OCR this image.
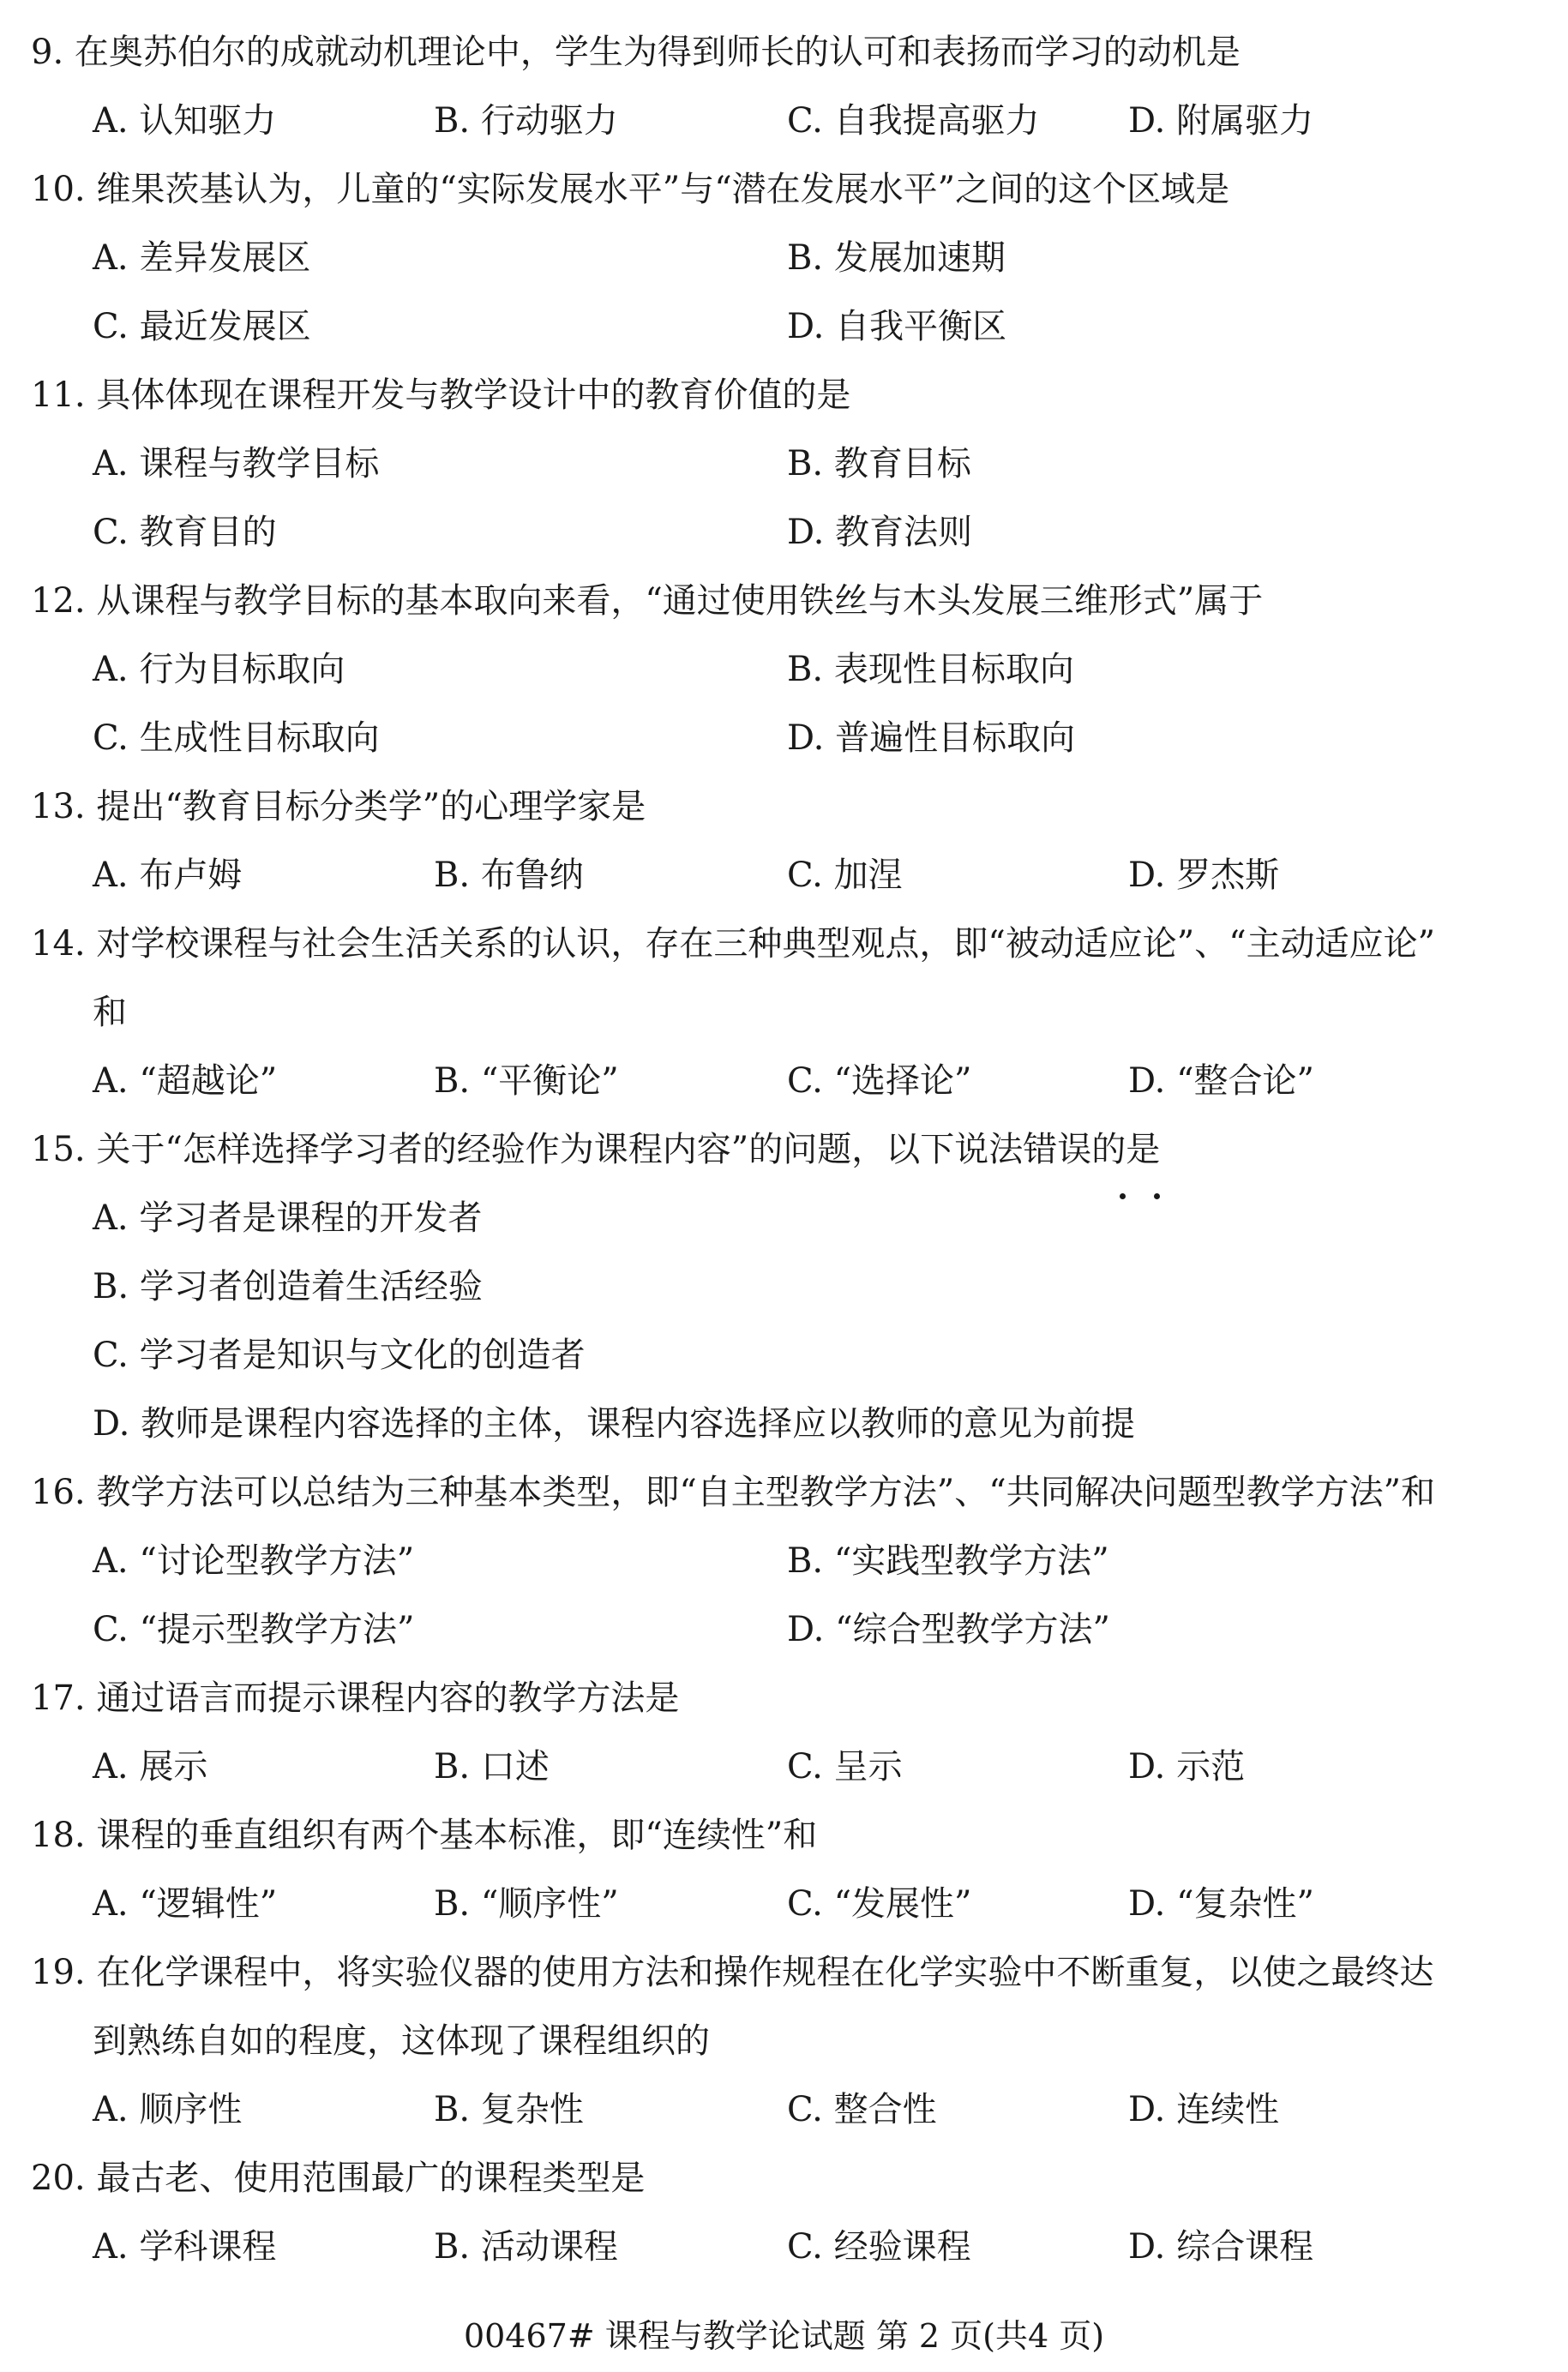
9. 在奥苏伯尔的成就动机理论中，学生为得到师长的认可和表扬而学习的动机是
A. 认知驱力	B. 行动驱力	C. 自我提高驱力	D. 附属驱力
10. 维果茨基认为，儿童的“实际发展水平”与“潜在发展水平”之间的这个区域是
A. 差异发展区	B. 发展加速期
C. 最近发展区	D. 自我平衡区
11. 具体体现在课程开发与教学设计中的教育价值的是
A. 课程与教学目标	B. 教育目标
C. 教育目的	D. 教育法则
12. 从课程与教学目标的基本取向来看，“通过使用铁丝与木头发展三维形式”属于
A. 行为目标取向	B. 表现性目标取向
C. 生成性目标取向	D. 普遍性目标取向
13. 提出“教育目标分类学”的心理学家是
A. 布卢姆	B. 布鲁纳	C. 加涅	D. 罗杰斯
14. 对学校课程与社会生活关系的认识，存在三种典型观点，即“被动适应论”、“主动适应论”
和
A. “超越论”	B. “平衡论”	C. “选择论”	D. “整合论”
15. 关于“怎样选择学习者的经验作为课程内容”的问题，以下说法错误的是
A. 学习者是课程的开发者
B. 学习者创造着生活经验
C. 学习者是知识与文化的创造者
D. 教师是课程内容选择的主体，课程内容选择应以教师的意见为前提
16. 教学方法可以总结为三种基本类型，即“自主型教学方法”、“共同解决问题型教学方法”和
A. “讨论型教学方法”	B. “实践型教学方法”
C. “提示型教学方法”	D. “综合型教学方法”
17. 通过语言而提示课程内容的教学方法是
A. 展示	B. 口述	C. 呈示	D. 示范
18. 课程的垂直组织有两个基本标准，即“连续性”和
A. “逻辑性”	B. “顺序性”	C. “发展性”	D. “复杂性”
19. 在化学课程中，将实验仪器的使用方法和操作规程在化学实验中不断重复，以使之最终达
到熟练自如的程度，这体现了课程组织的
A. 顺序性	B. 复杂性	C. 整合性	D. 连续性
20. 最古老、使用范围最广的课程类型是
A. 学科课程	B. 活动课程	C. 经验课程	D. 综合课程
00467# 课程与教学论试题 第 2 页(共4 页)
